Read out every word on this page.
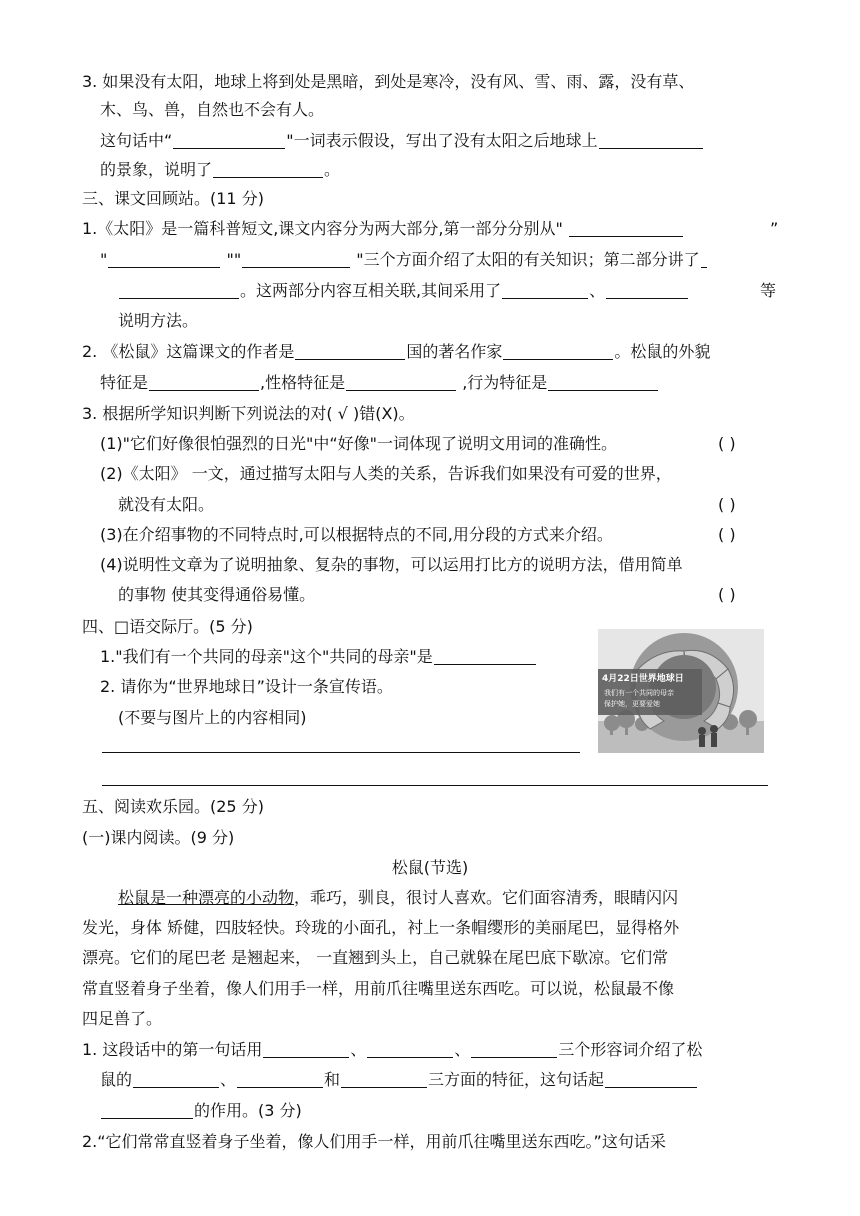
3. 如果没有太阳，地球上将到处是黑暗，到处是寒冷，没有风、雪、雨、露，没有草、
木、鸟、兽，自然也不会有人。
这句话中“	"一词表示假设，写出了没有太阳之后地球上
的景象，说明了	。
三、课文回顾站。(11 分)
1.《太阳》是一篇科普短文,课文内容分为两大部分,第一部分分别从"	”
"	""	"三个方面介绍了太阳的有关知识；第二部分讲了
。这两部分内容互相关联,其间采用了	、	等
说明方法。
2. 《松鼠》这篇课文的作者是	国的著名作家	。松鼠的外貌
特征是	,性格特征是	,行为特征是
3. 根据所学知识判断下列说法的对( √ )错(X)。
(1)"它们好像很怕强烈的日光"中“好像"一词体现了说明文用词的准确性。	( )
(2)《太阳》 一文，通过描写太阳与人类的关系，告诉我们如果没有可爱的世界，
就没有太阳。	( )
(3)在介绍事物的不同特点时,可以根据特点的不同,用分段的方式来介绍。	( )
(4)说明性文章为了说明抽象、复杂的事物，可以运用打比方的说明方法，借用简单
的事物 使其变得通俗易懂。	( )
四、□语交际厅。(5 分)
1."我们有一个共同的母亲"这个"共同的母亲"是
2. 请你为“世界地球日”设计一条宣传语。
(不要与图片上的内容相同)
4月22日世界地球日
我们有一个共同的母亲
保护她，更要爱她
五、阅读欢乐园。(25 分)
(一)课内阅读。(9 分)
松鼠(节选)
松鼠是一种漂亮的小动物，乖巧，驯良，很讨人喜欢。它们面容清秀，眼睛闪闪
发光，身体 矫健，四肢轻快。玲珑的小面孔，衬上一条帽缨形的美丽尾巴，显得格外
漂亮。它们的尾巴老 是翘起来， 一直翘到头上，自己就躲在尾巴底下歇凉。它们常
常直竖着身子坐着，像人们用手一样，用前爪往嘴里送东西吃。可以说，松鼠最不像
四足兽了。
1. 这段话中的第一句话用	、	、	三个形容词介绍了松
鼠的	、	和	三方面的特征，这句话起
的作用。(3 分)
2.“它们常常直竖着身子坐着，像人们用手一样，用前爪往嘴里送东西吃。”这句话采
